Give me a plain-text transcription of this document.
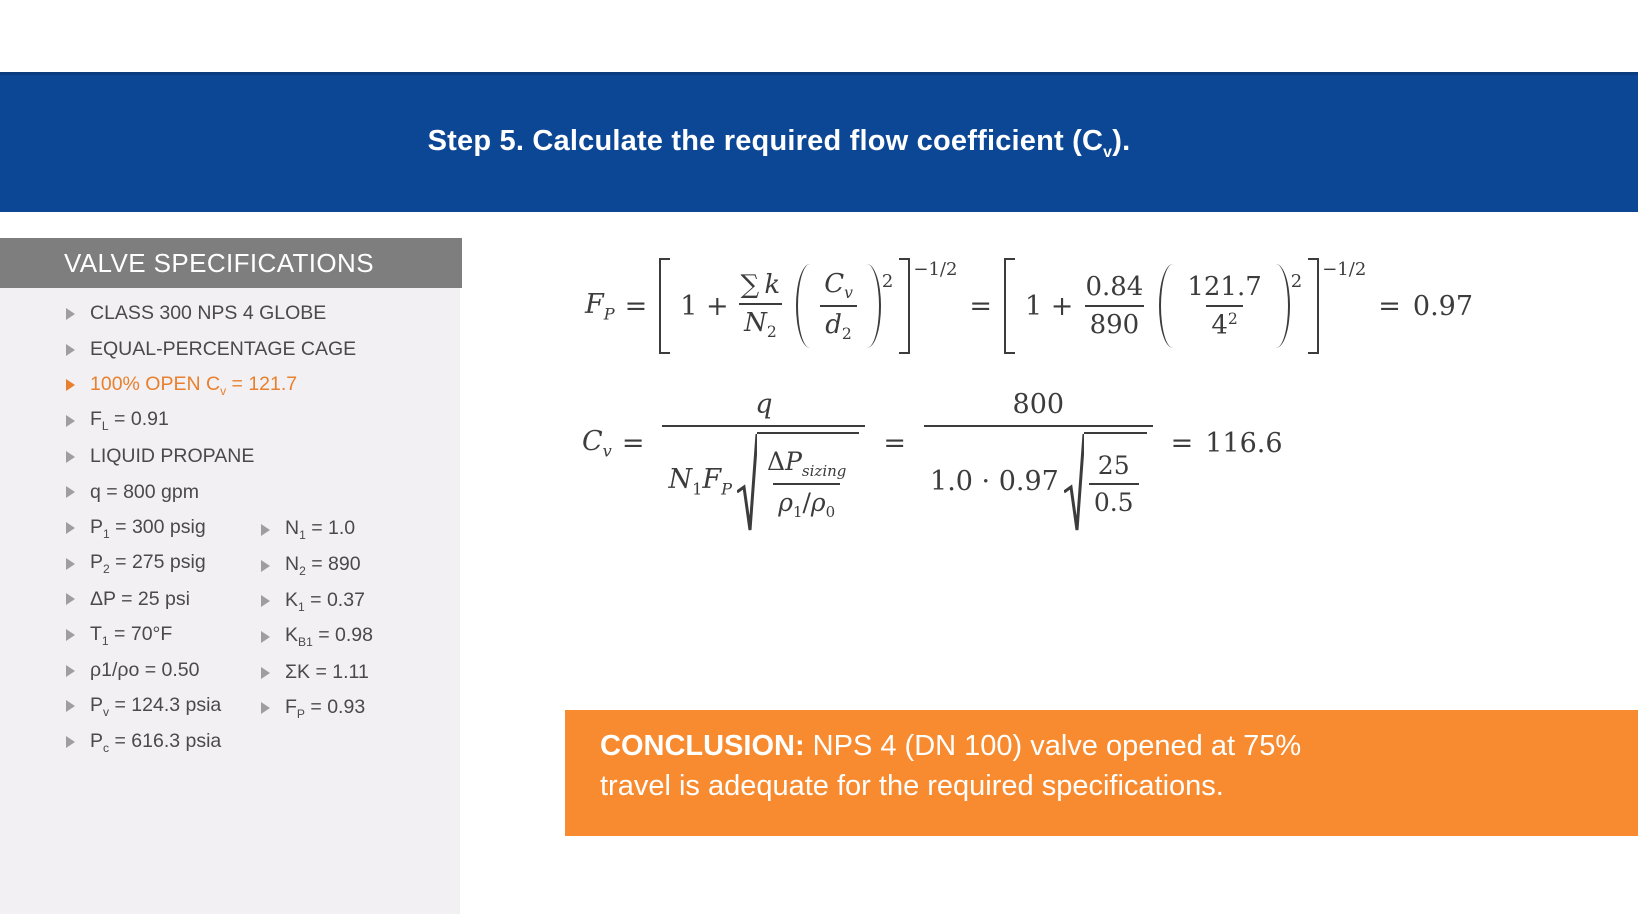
Step 5. Calculate the required flow coefficient $(C_v)$.
VALVE SPECIFICATIONS
CLASS 300 NPS 4 GLOBE
EQUAL-PERCENTAGE CAGE
100% OPEN $C_v = 121.7$
$F_L = 0.91$
LIQUID PROPANE
q = 800 gpm
$P_1 = 300$ psig
$P_2 = 275$ psig
ΔP = 25 psi
$T_1 = 70^\circ F$
ρ1/ρo = 0.50
$P_v = 124.3$ psia
$P_c = 616.3$ psia
$N_1 = 1.0$
$N_2 = 890$
$K_1 = 0.37$
$K_{B1} = 0.98$
ΣK = 1.11
$F_P = 0.93$
$F_P$ =	$1 + \frac{\sum k}{N_2} \frac{C_v}{d_2} 2$
−1/2
=	$1 + \frac{0.84}{890} \frac{121.7}{4^2} 2$
−1/2
= 0.97
$C_v$ =
q
$N_1F_P \frac{\Delta P_{sizing}}{\rho_1/\rho_0}$
=
800
$1.0 \cdot 0.97 \frac{25}{0.5}$
= 116.6
CONCLUSION: NPS 4 (DN 100) valve opened at 75%
travel is adequate for the required specifications.
